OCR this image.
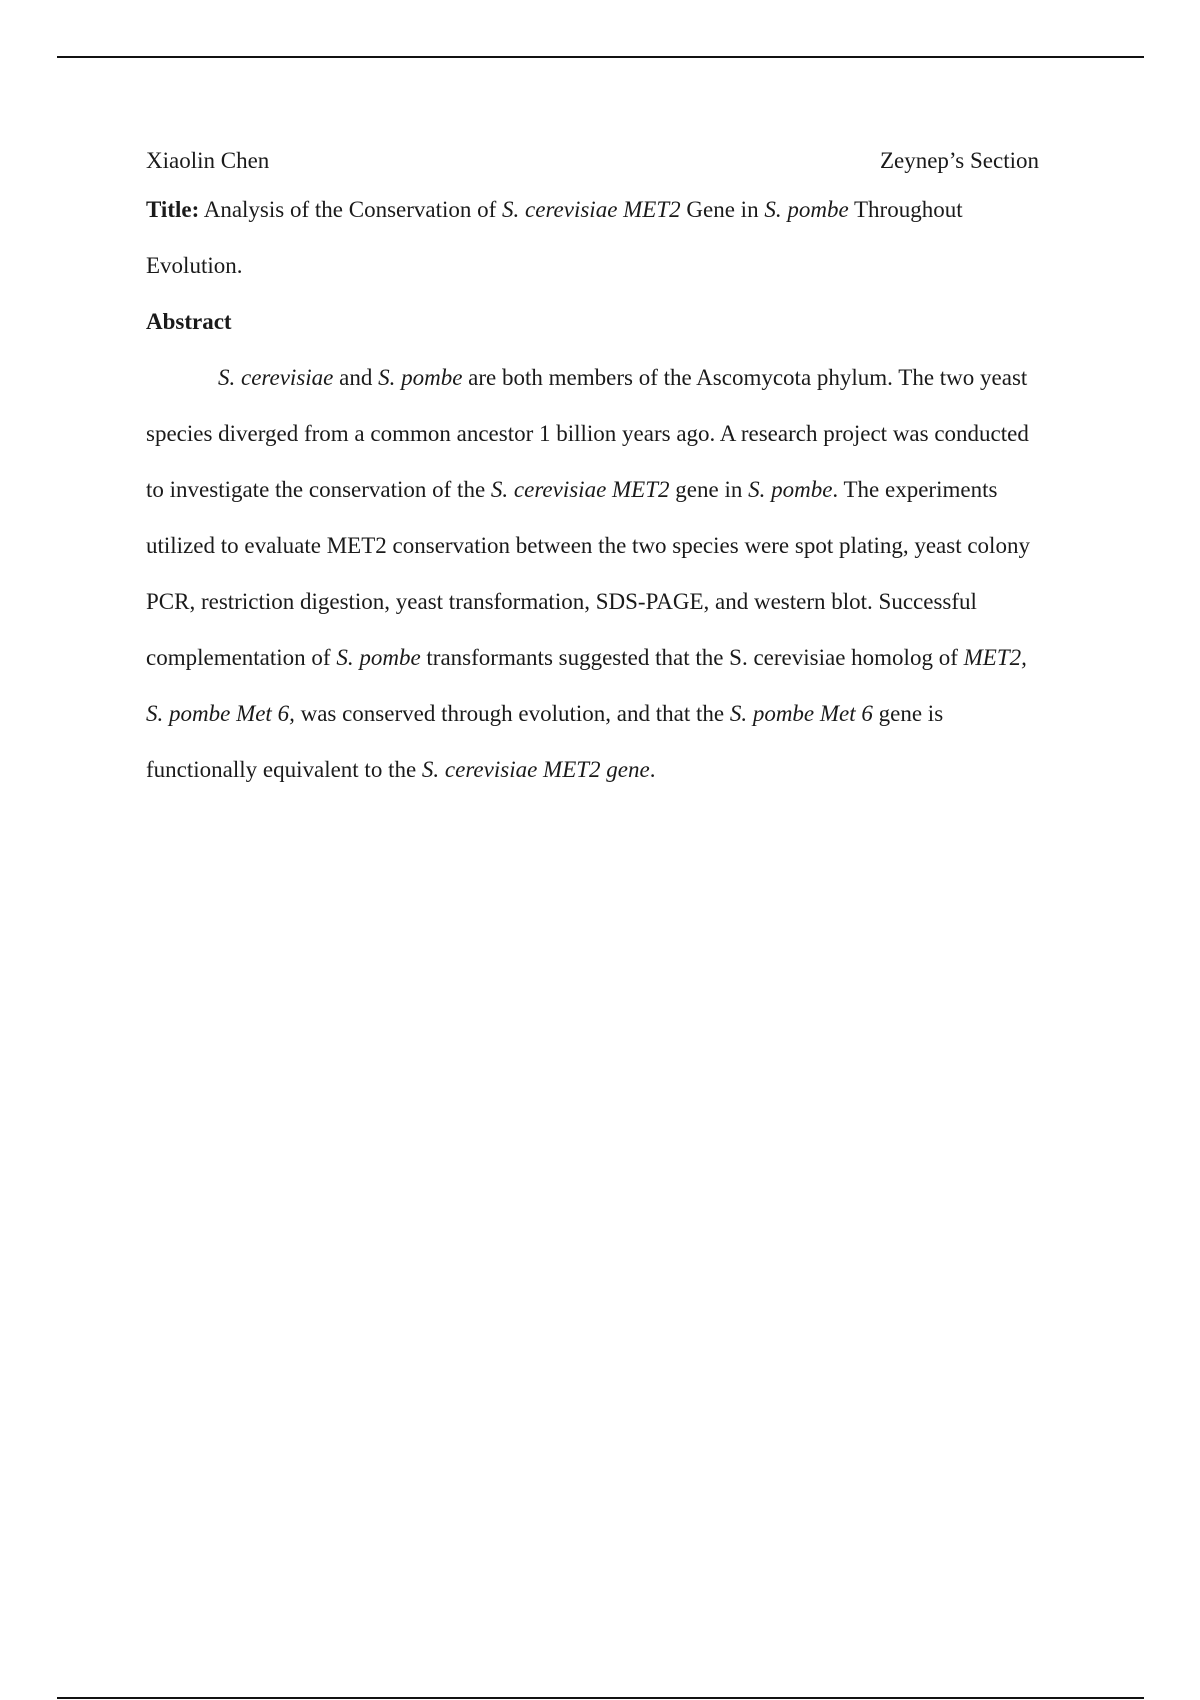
Xiaolin Chen	Zeynep’s Section
Title: Analysis of the Conservation of S. cerevisiae MET2 Gene in S. pombe Throughout
Evolution.
Abstract
S. cerevisiae and S. pombe are both members of the Ascomycota phylum. The two yeast
species diverged from a common ancestor 1 billion years ago. A research project was conducted
to investigate the conservation of the S. cerevisiae MET2 gene in S. pombe. The experiments
utilized to evaluate MET2 conservation between the two species were spot plating, yeast colony
PCR, restriction digestion, yeast transformation, SDS-PAGE, and western blot. Successful
complementation of S. pombe transformants suggested that the S. cerevisiae homolog of MET2,
S. pombe Met 6, was conserved through evolution, and that the S. pombe Met 6 gene is
functionally equivalent to the S. cerevisiae MET2 gene.
